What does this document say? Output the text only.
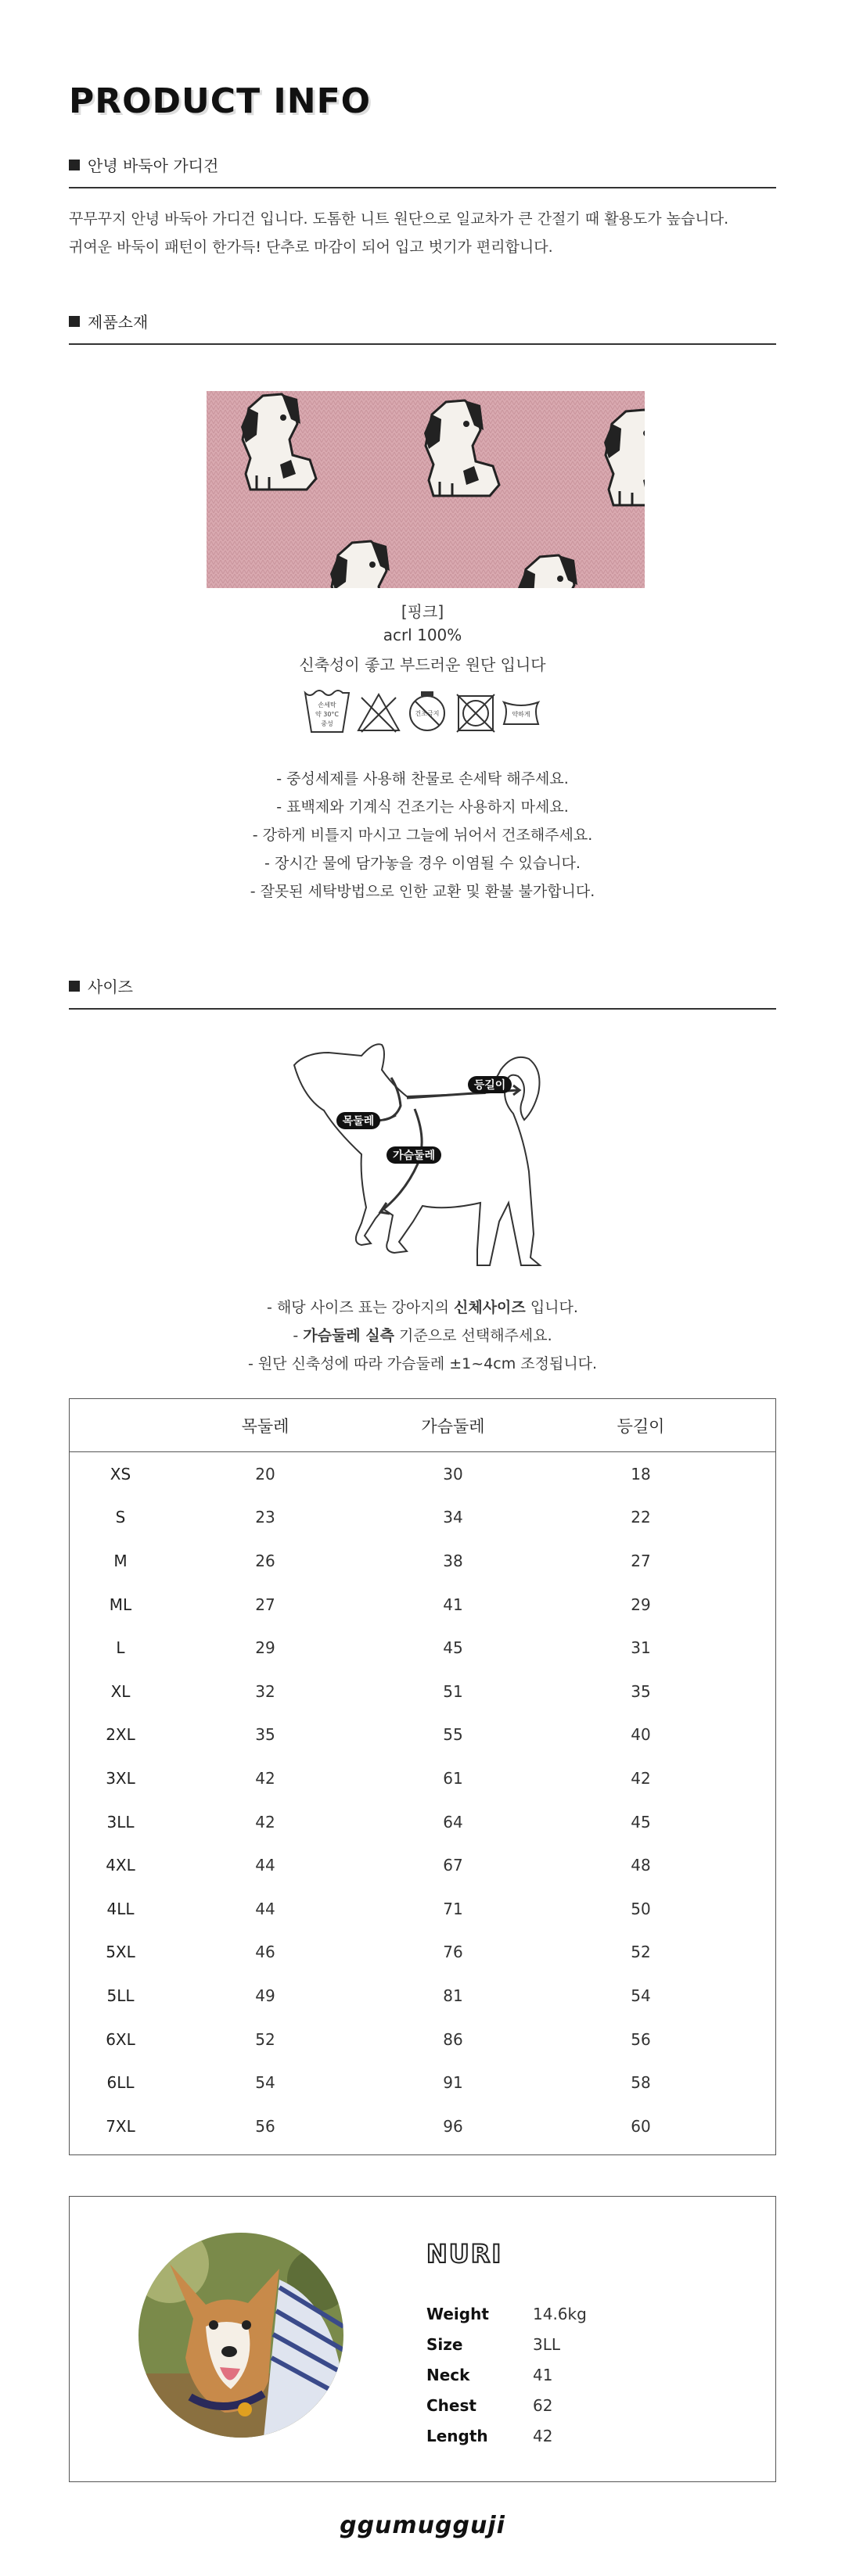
PRODUCT INFO
안녕 바둑아 가디건
꾸무꾸지 안녕 바둑아 가디건 입니다. 도톰한 니트 원단으로 일교차가 큰 간절기 때 활용도가 높습니다.
귀여운 바둑이 패턴이 한가득! 단추로 마감이 되어 입고 벗기가 편리합니다.
제품소재
[핑크]
acrl 100%
신축성이 좋고 부드러운 원단 입니다
손세탁
약 30°C
중성
건조금지	약하게
- 중성세제를 사용해 찬물로 손세탁 해주세요.
- 표백제와 기계식 건조기는 사용하지 마세요.
- 강하게 비틀지 마시고 그늘에 뉘어서 건조해주세요.
- 장시간 물에 담가놓을 경우 이염될 수 있습니다.
- 잘못된 세탁방법으로 인한 교환 및 환불 불가합니다.
사이즈
등길이
목둘레
가슴둘레
- 해당 사이즈 표는 강아지의 신체사이즈 입니다.
- 가슴둘레 실측 기준으로 선택해주세요.
- 원단 신축성에 따라 가슴둘레 ±1~4cm 조정됩니다.
목둘레	가슴둘레	등길이
XS	20	30	18
S	23	34	22
M	26	38	27
ML	27	41	29
L	29	45	31
XL	32	51	35
2XL	35	55	40
3XL	42	61	42
3LL	42	64	45
4XL	44	67	48
4LL	44	71	50
5XL	46	76	52
5LL	49	81	54
6XL	52	86	56
6LL	54	91	58
7XL	56	96	60
NURI
Weight	14.6kg
Size	3LL
Neck	41
Chest	62
Length	42
ggumugguji
